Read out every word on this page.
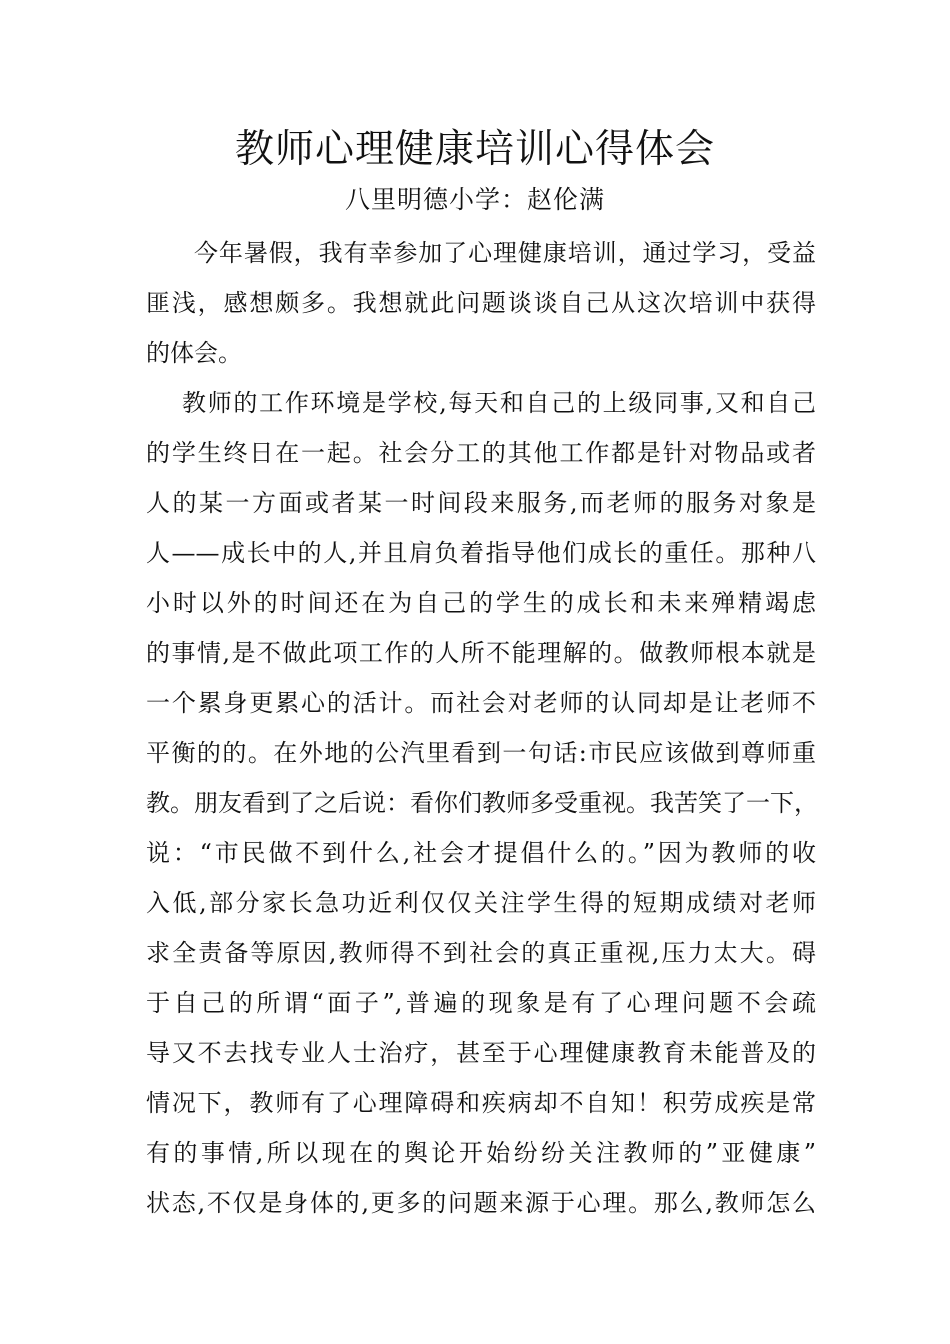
教师心理健康培训心得体会
八里明德小学：赵伦满
今年暑假，我有幸参加了心理健康培训，通过学习，受益
匪浅，感想颇多。我想就此问题谈谈自己从这次培训中获得
的体会。
教师的工作环境是学校,每天和自己的上级同事,又和自己
的学生终日在一起。社会分工的其他工作都是针对物品或者
人的某一方面或者某一时间段来服务,而老师的服务对象是
人——成长中的人,并且肩负着指导他们成长的重任。那种八
小时以外的时间还在为自己的学生的成长和未来殚精竭虑
的事情,是不做此项工作的人所不能理解的。做教师根本就是
一个累身更累心的活计。而社会对老师的认同却是让老师不
平衡的的。在外地的公汽里看到一句话:市民应该做到尊师重
教。朋友看到了之后说：看你们教师多受重视。我苦笑了一下，
说：“市民做不到什么,社会才提倡什么的。”因为教师的收
入低,部分家长急功近利仅仅关注学生得的短期成绩对老师
求全责备等原因,教师得不到社会的真正重视,压力太大。碍
于自己的所谓“面子”,普遍的现象是有了心理问题不会疏
导又不去找专业人士治疗，甚至于心理健康教育未能普及的
情况下，教师有了心理障碍和疾病却不自知！积劳成疾是常
有的事情,所以现在的舆论开始纷纷关注教师的”亚健康”
状态,不仅是身体的,更多的问题来源于心理。那么,教师怎么
